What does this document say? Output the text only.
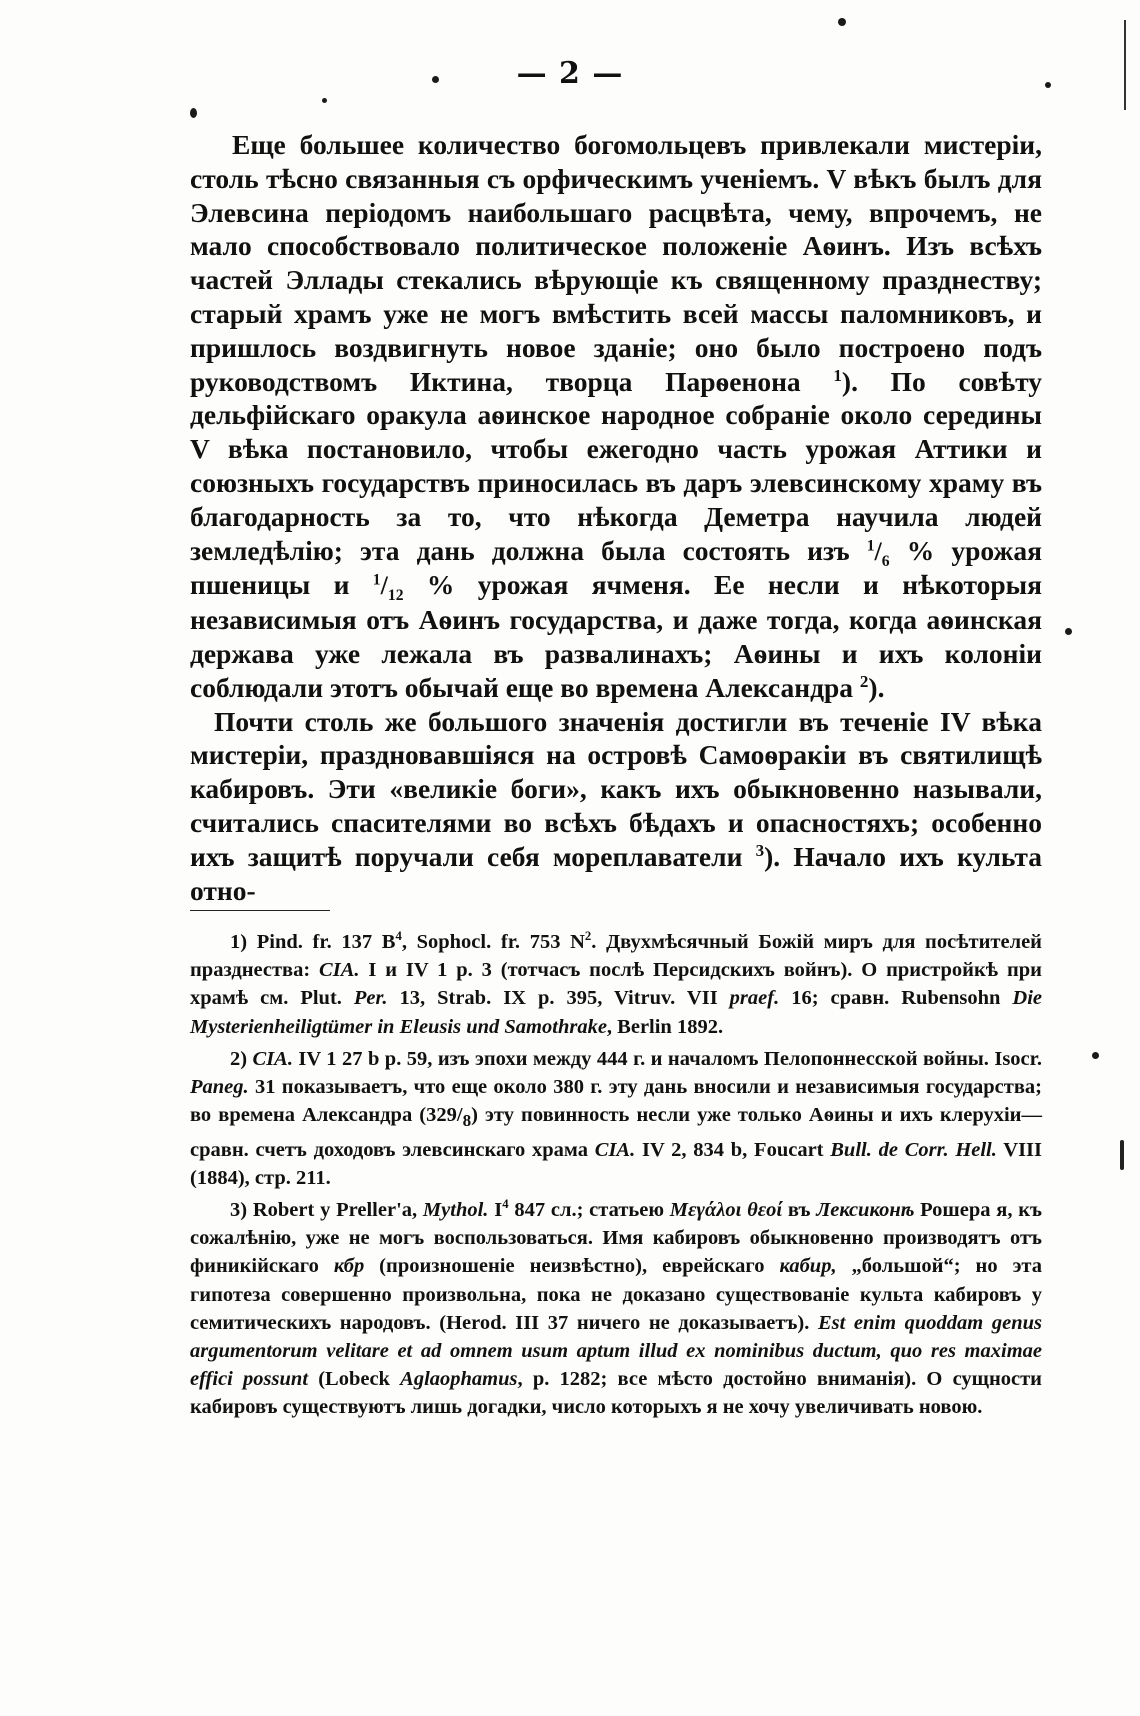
— 2 —

Еще большее количество богомольцевъ привлекали мистеріи, столь тѣсно связанныя съ орфическимъ ученіемъ. V вѣкъ былъ для Элевсина періодомъ наибольшаго расцвѣта, чему, впрочемъ, не мало способствовало политическое положеніе Аѳинъ. Изъ всѣхъ частей Эллады стекались вѣрующіе къ священному празднеству; старый храмъ уже не могъ вмѣстить всей массы паломниковъ, и пришлось воздвигнуть новое зданіе; оно было построено подъ руководствомъ Иктина, творца Парѳенона $^1$). По совѣту дельфійскаго оракула аѳинское народное собраніе около середины V вѣка постановило, чтобы ежегодно часть урожая Аттики и союзныхъ государствъ приносилась въ даръ элевсинскому храму въ благодарность за то, что нѣкогда Деметра научила людей земледѣлію; эта дань должна была состоять изъ $^1/_6$ % урожая пшеницы и $^1/_{12}$ % урожая ячменя. Ее несли и нѣкоторыя независимыя отъ Аѳинъ государства, и даже тогда, когда аѳинская держава уже лежала въ развалинахъ; Аѳины и ихъ колоніи соблюдали этотъ обычай еще во времена Александра $^2$).

Почти столь же большого значенія достигли въ теченіе IV вѣка мистеріи, праздновавшіяся на островѣ Самоѳракіи въ святилищѣ кабировъ. Эти «великіе боги», какъ ихъ обыкновенно называли, считались спасителями во всѣхъ бѣдахъ и опасностяхъ; особенно ихъ защитѣ поручали себя мореплаватели $^3$). Начало ихъ культа отно-

1) Pind. fr. 137 $B^4$, Sophocl. fr. 753 $N^2$. Двухмѣсячный Божій миръ для посѣтителей празднества: CIA. I и IV 1 p. 3 (тотчасъ послѣ Персидскихъ войнъ). О пристройкѣ при храмѣ см. Plut. Per. 13, Strab. IX p. 395, Vitruv. VII praef. 16; сравн. Rubensohn Die Mysterienheiligtümer in Eleusis und Samothrake, Berlin 1892.

2) CIA. IV 1 27 b p. 59, изъ эпохи между 444 г. и началомъ Пелопоннесской войны. Isocr. Paneg. 31 показываетъ, что еще около 380 г. эту дань вносили и независимыя государства; во времена Александра $(329/_8)$ эту повинность несли уже только Аѳины и ихъ клерухіи—сравн. счетъ доходовъ элевсинскаго храма CIA. IV 2, 834 b, Foucart Bull. de Corr. Hell. VIII (1884), стр. 211.

3) Robert у Preller'a, Mythol. $I^4$ 847 сл.; статьею Μεγάλοι θεοί въ Лексиконѣ Рошера я, къ сожалѣнію, уже не могъ воспользоваться. Имя кабировъ обыкновенно производятъ отъ финикійскаго кбр (произношеніе неизвѣстно), еврейскаго кабир, „большой“; но эта гипотеза совершенно произвольна, пока не доказано существованіе культа кабировъ у семитическихъ народовъ. (Herod. III 37 ничего не доказываетъ). Est enim quoddam genus argumentorum velitare et ad omnem usum aptum illud ex nominibus ductum, quo res maximae effici possunt (Lobeck Aglaophamus, p. 1282; все мѣсто достойно вниманія). О сущности кабировъ существуютъ лишь догадки, число которыхъ я не хочу увеличивать новою.
